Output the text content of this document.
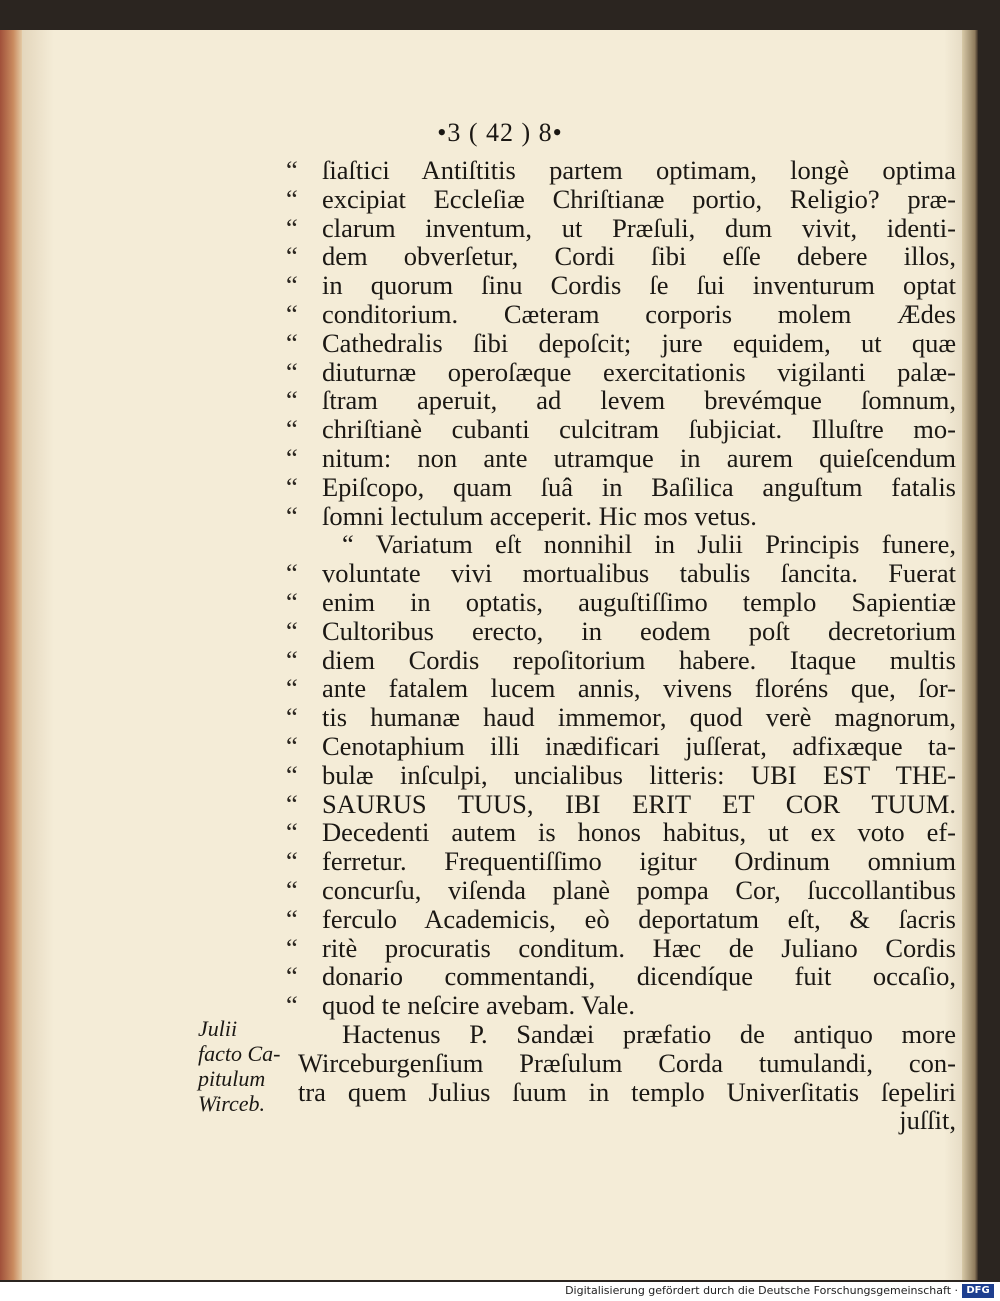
•3 ( 42 ) 8•
“ ſiaſtici Antiſtitis partem optimam, longè optima
“ excipiat Eccleſiæ Chriſtianæ portio, Religio? præ-
“ clarum inventum, ut Præſuli, dum vivit, identi-
“ dem obverſetur, Cordi ſibi eſſe debere illos,
“ in quorum ſinu Cordis ſe ſui inventurum optat
“ conditorium. Cæteram corporis molem Ædes
“ Cathedralis ſibi depoſcit; jure equidem, ut quæ
“ diuturnæ operoſæque exercitationis vigilanti palæ-
“ ſtram aperuit, ad levem brevémque ſomnum,
“ chriſtianè cubanti culcitram ſubjiciat. Illuſtre mo-
“ nitum: non ante utramque in aurem quieſcendum
“ Epiſcopo, quam ſuâ in Baſilica anguſtum fatalis
“ ſomni lectulum acceperit. Hic mos vetus.
“ Variatum eſt nonnihil in Julii Principis funere,
“ voluntate vivi mortualibus tabulis ſancita. Fuerat
“ enim in optatis, auguſtiſſimo templo Sapientiæ
“ Cultoribus erecto, in eodem poſt decretorium
“ diem Cordis repoſitorium habere. Itaque multis
“ ante fatalem lucem annis, vivens floréns que, ſor-
“ tis humanæ haud immemor, quod verè magnorum,
“ Cenotaphium illi inædificari juſſerat, adfixæque ta-
“ bulæ inſculpi, uncialibus litteris: UBI EST THE-
“ SAURUS TUUS, IBI ERIT ET COR TUUM.
“ Decedenti autem is honos habitus, ut ex voto ef-
“ ferretur. Frequentiſſimo igitur Ordinum omnium
“ concurſu, viſenda planè pompa Cor, ſuccollantibus
“ ferculo Academicis, eò deportatum eſt, & ſacris
“ ritè procuratis conditum. Hæc de Juliano Cordis
“ donario commentandi, dicendíque fuit occaſio,
“ quod te neſcire avebam. Vale.
Hactenus P. Sandæi præfatio de antiquo more
Wirceburgenſium Præſulum Corda tumulandi, con-
tra quem Julius ſuum in templo Univerſitatis ſepeliri
juſſit,
Julii
facto Ca-
pitulum
Wirceb.
Digitalisierung gefördert durch die Deutsche Forschungsgemeinschaft · DFG
